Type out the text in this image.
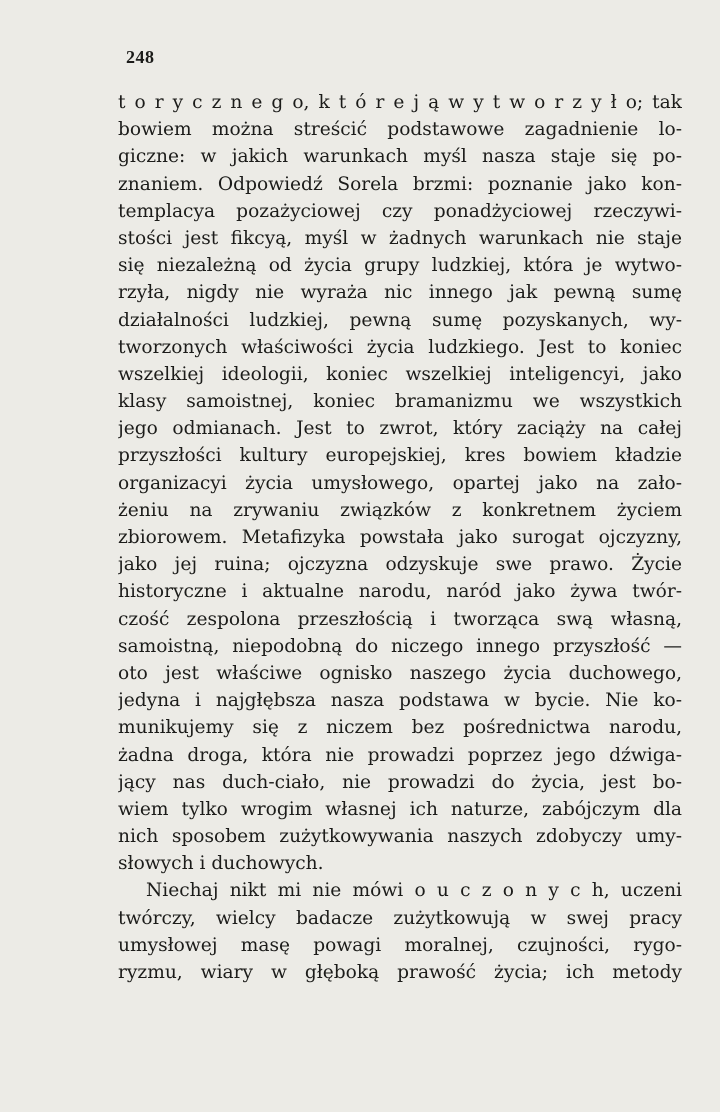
248
t o r y c z n e g o, k t ó r e j ą w y t w o r z y ł o; tak
bowiem można streścić podstawowe zagadnienie lo-
giczne: w jakich warunkach myśl nasza staje się po-
znaniem. Odpowiedź Sorela brzmi: poznanie jako kon-
templacya pozażyciowej czy ponadżyciowej rzeczywi-
stości jest fikcyą, myśl w żadnych warunkach nie staje
się niezależną od życia grupy ludzkiej, która je wytwo-
rzyła, nigdy nie wyraża nic innego jak pewną sumę
działalności ludzkiej, pewną sumę pozyskanych, wy-
tworzonych właściwości życia ludzkiego. Jest to koniec
wszelkiej ideologii, koniec wszelkiej inteligencyi, jako
klasy samoistnej, koniec bramanizmu we wszystkich
jego odmianach. Jest to zwrot, który zaciąży na całej
przyszłości kultury europejskiej, kres bowiem kładzie
organizacyi życia umysłowego, opartej jako na zało-
żeniu na zrywaniu związków z konkretnem życiem
zbiorowem. Metafizyka powstała jako surogat ojczyzny,
jako jej ruina; ojczyzna odzyskuje swe prawo. Życie
historyczne i aktualne narodu, naród jako żywa twór-
czość zespolona przeszłością i tworząca swą własną,
samoistną, niepodobną do niczego innego przyszłość —
oto jest właściwe ognisko naszego życia duchowego,
jedyna i najgłębsza nasza podstawa w bycie. Nie ko-
munikujemy się z niczem bez pośrednictwa narodu,
żadna droga, która nie prowadzi poprzez jego dźwiga-
jący nas duch-ciało, nie prowadzi do życia, jest bo-
wiem tylko wrogim własnej ich naturze, zabójczym dla
nich sposobem zużytkowywania naszych zdobyczy umy-
słowych i duchowych.
Niechaj nikt mi nie mówi o u c z o n y c h, uczeni
twórczy, wielcy badacze zużytkowują w swej pracy
umysłowej masę powagi moralnej, czujności, rygo-
ryzmu, wiary w głęboką prawość życia; ich metody
